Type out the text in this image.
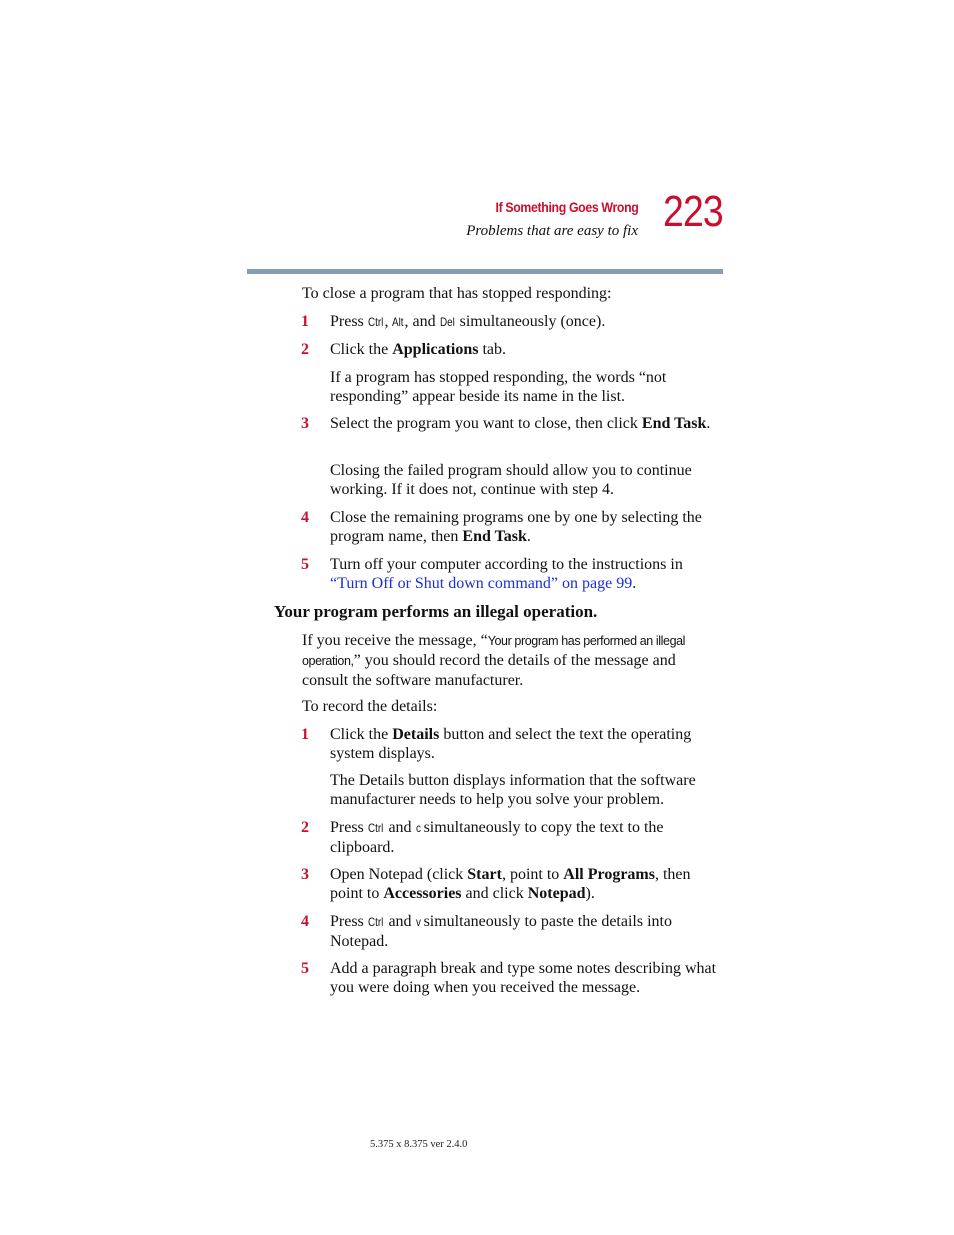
If Something Goes Wrong
Problems that are easy to fix 223
To close a program that has stopped responding:
1 Press Ctrl, Alt, and Del simultaneously (once).
2 Click the Applications tab.
If a program has stopped responding, the words “not responding” appear beside its name in the list.
3 Select the program you want to close, then click End Task.
Closing the failed program should allow you to continue working. If it does not, continue with step 4.
4 Close the remaining programs one by one by selecting the program name, then End Task.
5 Turn off your computer according to the instructions in “Turn Off or Shut down command” on page 99.
Your program performs an illegal operation.
If you receive the message, “Your program has performed an illegal operation,” you should record the details of the message and consult the software manufacturer.
To record the details:
1 Click the Details button and select the text the operating system displays.
The Details button displays information that the software manufacturer needs to help you solve your problem.
2 Press Ctrl and c simultaneously to copy the text to the clipboard.
3 Open Notepad (click Start, point to All Programs, then point to Accessories and click Notepad).
4 Press Ctrl and v simultaneously to paste the details into Notepad.
5 Add a paragraph break and type some notes describing what you were doing when you received the message.
5.375 x 8.375 ver 2.4.0
